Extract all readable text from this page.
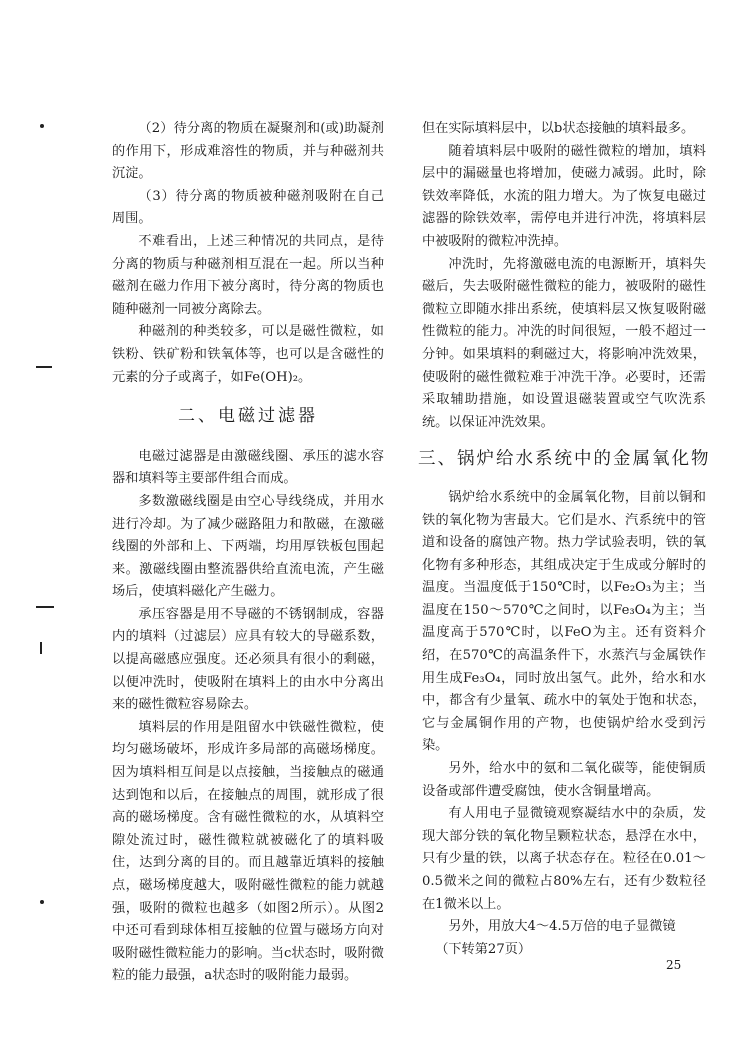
（2）待分离的物质在凝聚剂和(或)助凝剂的作用下，形成难溶性的物质，并与种磁剂共沉淀。

（3）待分离的物质被种磁剂吸附在自己周围。

不难看出，上述三种情况的共同点，是待分离的物质与种磁剂相互混在一起。所以当种磁剂在磁力作用下被分离时，待分离的物质也随种磁剂一同被分离除去。

种磁剂的种类较多，可以是磁性微粒，如铁粉、铁矿粉和铁氧体等，也可以是含磁性的元素的分子或离子，如Fe(OH)₂。

二、电磁过滤器

电磁过滤器是由激磁线圈、承压的滤水容器和填料等主要部件组合而成。

多数激磁线圈是由空心导线绕成，并用水进行冷却。为了减少磁路阻力和散磁，在激磁线圈的外部和上、下两端，均用厚铁板包围起来。激磁线圈由整流器供给直流电流，产生磁场后，使填料磁化产生磁力。

承压容器是用不导磁的不锈钢制成，容器内的填料（过滤层）应具有较大的导磁系数，以提高磁感应强度。还必须具有很小的剩磁，以便冲洗时，使吸附在填料上的由水中分离出来的磁性微粒容易除去。

填料层的作用是阻留水中铁磁性微粒，使均匀磁场破坏，形成许多局部的高磁场梯度。因为填料相互间是以点接触，当接触点的磁通达到饱和以后，在接触点的周围，就形成了很高的磁场梯度。含有磁性微粒的水，从填料空隙处流过时，磁性微粒就被磁化了的填料吸住，达到分离的目的。而且越靠近填料的接触点，磁场梯度越大，吸附磁性微粒的能力就越强，吸附的微粒也越多（如图2所示）。从图2中还可看到球体相互接触的位置与磁场方向对吸附磁性微粒能力的影响。当c状态时，吸附微粒的能力最强，a状态时的吸附能力最弱。

但在实际填料层中，以b状态接触的填料最多。

随着填料层中吸附的磁性微粒的增加，填料层中的漏磁量也将增加，使磁力减弱。此时，除铁效率降低，水流的阻力增大。为了恢复电磁过滤器的除铁效率，需停电并进行冲洗，将填料层中被吸附的微粒冲洗掉。

冲洗时，先将激磁电流的电源断开，填料失磁后，失去吸附磁性微粒的能力，被吸附的磁性微粒立即随水排出系统，使填料层又恢复吸附磁性微粒的能力。冲洗的时间很短，一般不超过一分钟。如果填料的剩磁过大，将影响冲洗效果，使吸附的磁性微粒难于冲洗干净。必要时，还需采取辅助措施，如设置退磁装置或空气吹洗系统。以保证冲洗效果。

三、锅炉给水系统中的金属氧化物

锅炉给水系统中的金属氧化物，目前以铜和铁的氧化物为害最大。它们是水、汽系统中的管道和设备的腐蚀产物。热力学试验表明，铁的氧化物有多种形态，其组成决定于生成或分解时的温度。当温度低于150℃时，以Fe₂O₃为主；当温度在150～570℃之间时，以Fe₃O₄为主；当温度高于570℃时，以FeO为主。还有资料介绍，在570℃的高温条件下，水蒸汽与金属铁作用生成Fe₃O₄，同时放出氢气。此外，给水和水中，都含有少量氧、疏水中的氧处于饱和状态，它与金属铜作用的产物，也使锅炉给水受到污染。

另外，给水中的氨和二氧化碳等，能使铜质设备或部件遭受腐蚀，使水含铜量增高。

有人用电子显微镜观察凝结水中的杂质，发现大部分铁的氧化物呈颗粒状态，悬浮在水中，只有少量的铁，以离子状态存在。粒径在0.01～0.5微米之间的微粒占80%左右，还有少数粒径在1微米以上。

另外，用放大4～4.5万倍的电子显微镜

（下转第27页）

25
